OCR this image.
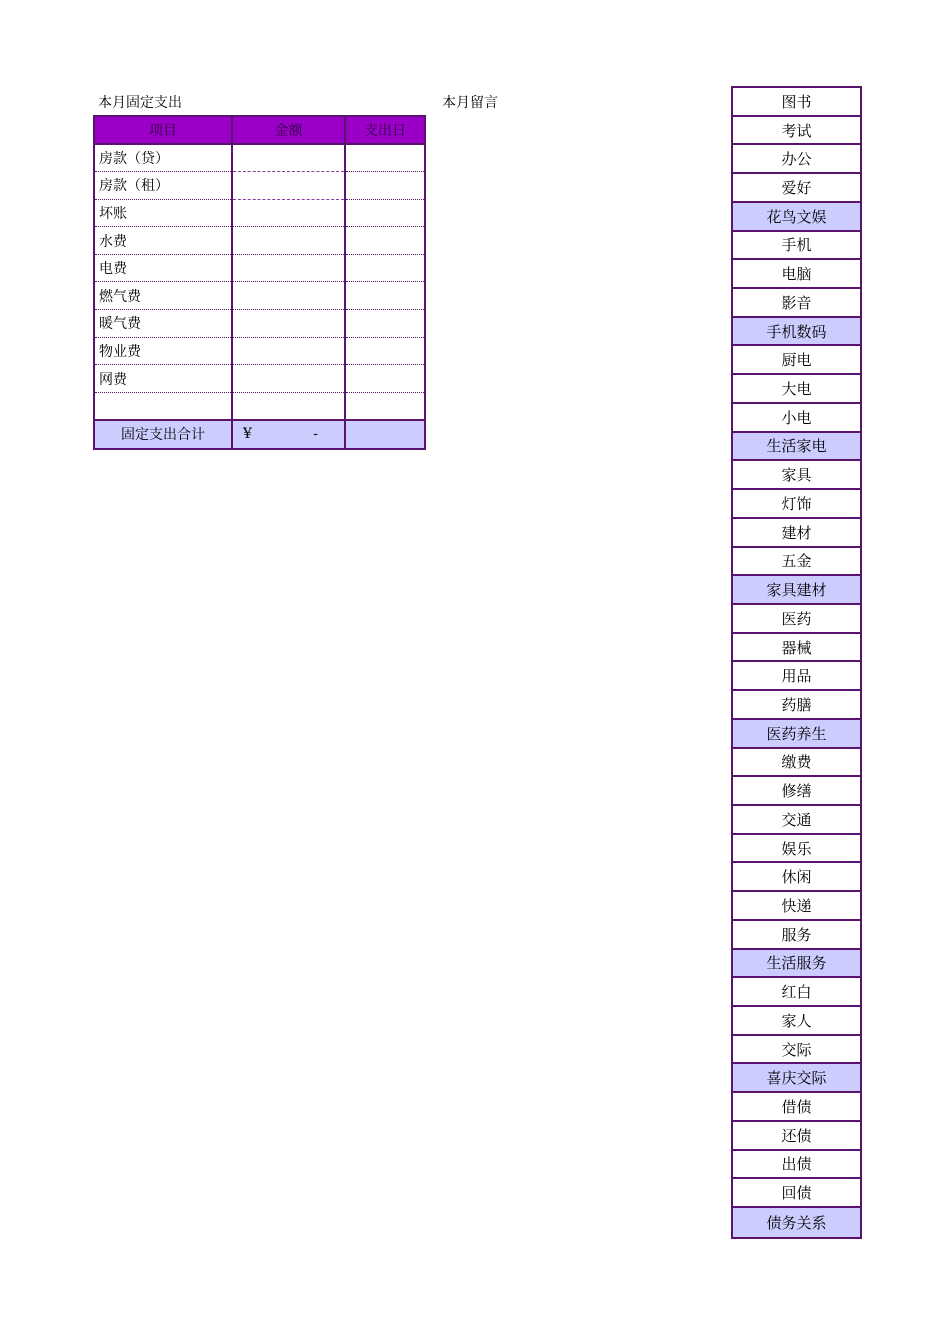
本月固定支出	本月留言
项目	金额	支出日
房款（贷）		
房款（租）		
坏账		
水费		
电费		
燃气费		
暖气费		
物业费		
网费		

固定支出合计	¥ -	

图书
考试
办公
爱好
花鸟文娱
手机
电脑
影音
手机数码
厨电
大电
小电
生活家电
家具
灯饰
建材
五金
家具建材
医药
器械
用品
药膳
医药养生
缴费
修缮
交通
娱乐
休闲
快递
服务
生活服务
红白
家人
交际
喜庆交际
借债
还债
出债
回债
债务关系
